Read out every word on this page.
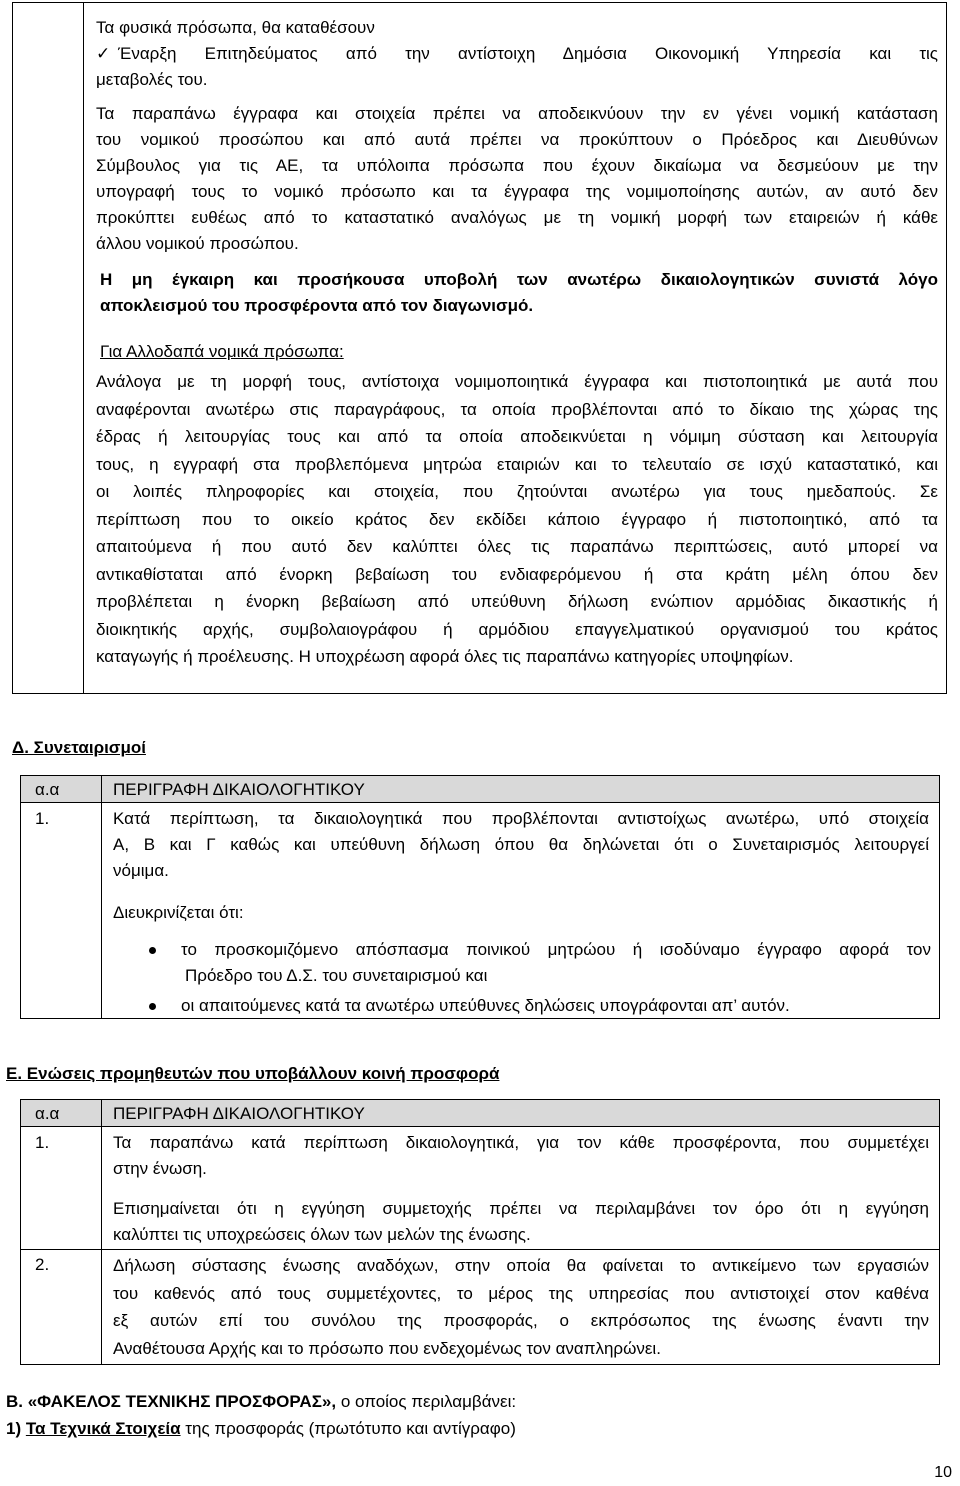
Τα φυσικά πρόσωπα, θα καταθέσουν

✓ Έναρξη Επιτηδεύματος από την αντίστοιχη Δημόσια Οικονομική Υπηρεσία και τις

μεταβολές του.

Τα παραπάνω έγγραφα και στοιχεία πρέπει να αποδεικνύουν την εν γένει νομική κατάσταση

του νομικού προσώπου και από αυτά πρέπει να προκύπτουν ο Πρόεδρος και Διευθύνων

Σύμβουλος για τις ΑΕ, τα υπόλοιπα πρόσωπα που έχουν δικαίωμα να δεσμεύουν με την

υπογραφή τους το νομικό πρόσωπο και τα έγγραφα της νομιμοποίησης αυτών, αν αυτό δεν

προκύπτει ευθέως από το καταστατικό αναλόγως με τη νομική μορφή των εταιρειών ή κάθε

άλλου νομικού προσώπου.

Η μη έγκαιρη και προσήκουσα υποβολή των ανωτέρω δικαιολογητικών συνιστά λόγο

αποκλεισμού του προσφέροντα από τον διαγωνισμό.

Για Αλλοδαπά νομικά πρόσωπα:

Ανάλογα με τη μορφή τους, αντίστοιχα νομιμοποιητικά έγγραφα και πιστοποιητικά με αυτά που

αναφέρονται ανωτέρω στις παραγράφους, τα οποία προβλέπονται από το δίκαιο της χώρας της

έδρας ή λειτουργίας τους και από τα οποία αποδεικνύεται η νόμιμη σύσταση και λειτουργία

τους, η εγγραφή στα προβλεπόμενα μητρώα εταιριών και το τελευταίο σε ισχύ καταστατικό, και

οι λοιπές πληροφορίες και στοιχεία, που ζητούνται ανωτέρω για τους ημεδαπούς. Σε

περίπτωση που το οικείο κράτος δεν εκδίδει κάποιο έγγραφο ή πιστοποιητικό, από τα

απαιτούμενα ή που αυτό δεν καλύπτει όλες τις παραπάνω περιπτώσεις, αυτό μπορεί να

αντικαθίσταται από ένορκη βεβαίωση του ενδιαφερόμενου ή στα κράτη μέλη όπου δεν

προβλέπεται η ένορκη βεβαίωση από υπεύθυνη δήλωση ενώπιον αρμόδιας δικαστικής ή

διοικητικής αρχής, συμβολαιογράφου ή αρμόδιου επαγγελματικού οργανισμού του κράτος

καταγωγής ή προέλευσης. Η υποχρέωση αφορά όλες τις παραπάνω κατηγορίες υποψηφίων.

Δ. Συνεταιρισμοί

α.α	ΠΕΡΙΓΡΑΦΗ ΔΙΚΑΙΟΛΟΓΗΤΙΚΟΥ

1.	Κατά περίπτωση, τα δικαιολογητικά που προβλέπονται αντιστοίχως ανωτέρω, υπό στοιχεία

Α, Β και Γ καθώς και υπεύθυνη δήλωση όπου θα δηλώνεται ότι ο Συνεταιρισμός λειτουργεί

νόμιμα.

Διευκρινίζεται ότι:

το προσκομιζόμενο απόσπασμα ποινικού μητρώου ή ισοδύναμο έγγραφο αφορά τον

Πρόεδρο του Δ.Σ. του συνεταιρισμού και

οι απαιτούμενες κατά τα ανωτέρω υπεύθυνες δηλώσεις υπογράφονται απ’ αυτόν.

Ε. Ενώσεις προμηθευτών που υποβάλλουν κοινή προσφορά

α.α	ΠΕΡΙΓΡΑΦΗ ΔΙΚΑΙΟΛΟΓΗΤΙΚΟΥ

1.	Τα παραπάνω κατά περίπτωση δικαιολογητικά, για τον κάθε προσφέροντα, που συμμετέχει

στην ένωση.

Επισημαίνεται ότι η εγγύηση συμμετοχής πρέπει να περιλαμβάνει τον όρο ότι η εγγύηση

καλύπτει τις υποχρεώσεις όλων των μελών της ένωσης.

2.	Δήλωση σύστασης ένωσης αναδόχων, στην οποία θα φαίνεται το αντικείμενο των εργασιών

του καθενός από τους συμμετέχοντες, το μέρος της υπηρεσίας που αντιστοιχεί στον καθένα

εξ αυτών επί του συνόλου της προσφοράς, ο εκπρόσωπος της ένωσης έναντι την

Αναθέτουσα Αρχής και το πρόσωπο που ενδεχομένως τον αναπληρώνει.

Β. «ΦΑΚΕΛΟΣ ΤΕΧΝΙΚΗΣ ΠΡΟΣΦΟΡΑΣ», ο οποίος περιλαμβάνει:

1) Τα Τεχνικά Στοιχεία της προσφοράς (πρωτότυπο και αντίγραφο)

10
